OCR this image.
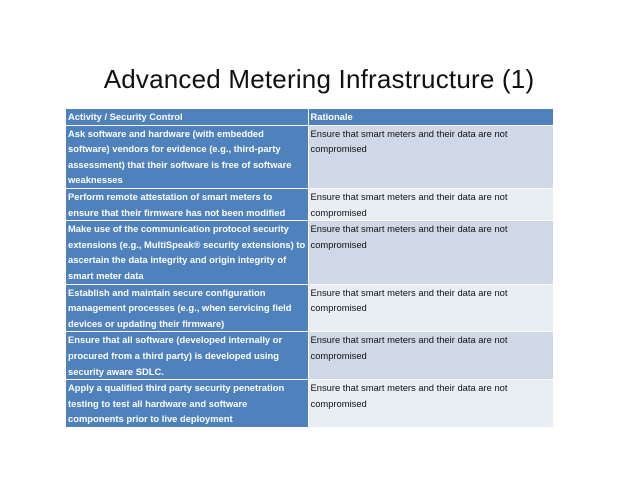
Advanced Metering Infrastructure (1)
Activity / Security Control	Rationale
Ask software and hardware (with embedded software) vendors for evidence (e.g., third-party assessment) that their software is free of software weaknesses	Ensure that smart meters and their data are not compromised
Perform remote attestation of smart meters to ensure that their firmware has not been modified	Ensure that smart meters and their data are not compromised
Make use of the communication protocol security extensions (e.g., MultiSpeak® security extensions) to ascertain the data integrity and origin integrity of smart meter data	Ensure that smart meters and their data are not compromised
Establish and maintain secure configuration management processes (e.g., when servicing field devices or updating their firmware)	Ensure that smart meters and their data are not compromised
Ensure that all software (developed internally or procured from a third party) is developed using security aware SDLC.	Ensure that smart meters and their data are not compromised
Apply a qualified third party security penetration testing to test all hardware and software components prior to live deployment	Ensure that smart meters and their data are not compromised
